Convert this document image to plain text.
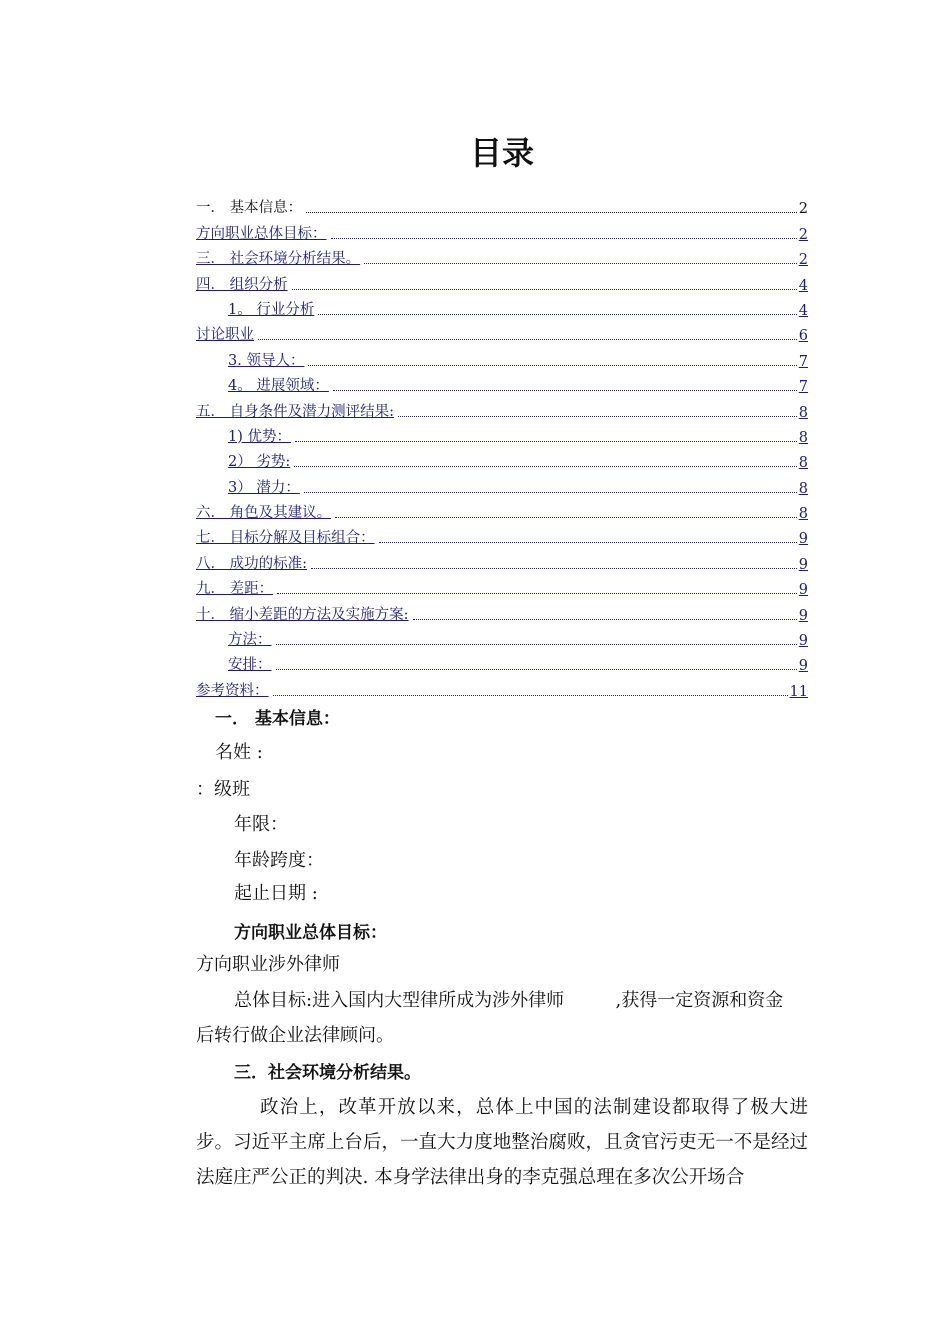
目录
一． 基本信息：	2
方向职业总体目标：	2
三． 社会环境分析结果。	2
四． 组织分析	4
1。 行业分析	4
讨论职业	6
3. 领导人：	7
4。 进展领域：	7
五． 自身条件及潜力测评结果:	8
1) 优势：	8
2） 劣势:	8
3） 潜力：	8
六． 角色及其建议。	8
七． 目标分解及目标组合：	9
八． 成功的标准:	9
九． 差距：	9
十． 缩小差距的方法及实施方案:	9
方法：	9
安排：	9
参考资料：	11
一． 基本信息：
名姓 :
：级班
年限：
年龄跨度：
起止日期 :
方向职业总体目标：
方向职业涉外律师
总体目标:进入国内大型律所成为涉外律师         ,获得一定资源和资金
后转行做企业法律顾问。
三．社会环境分析结果。
政治上，改革开放以来，总体上中国的法制建设都取得了极大进步。习近平主席上台后，一直大力度地整治腐败，且贪官污吏无一不是经过法庭庄严公正的判决. 本身学法律出身的李克强总理在多次公开场合
